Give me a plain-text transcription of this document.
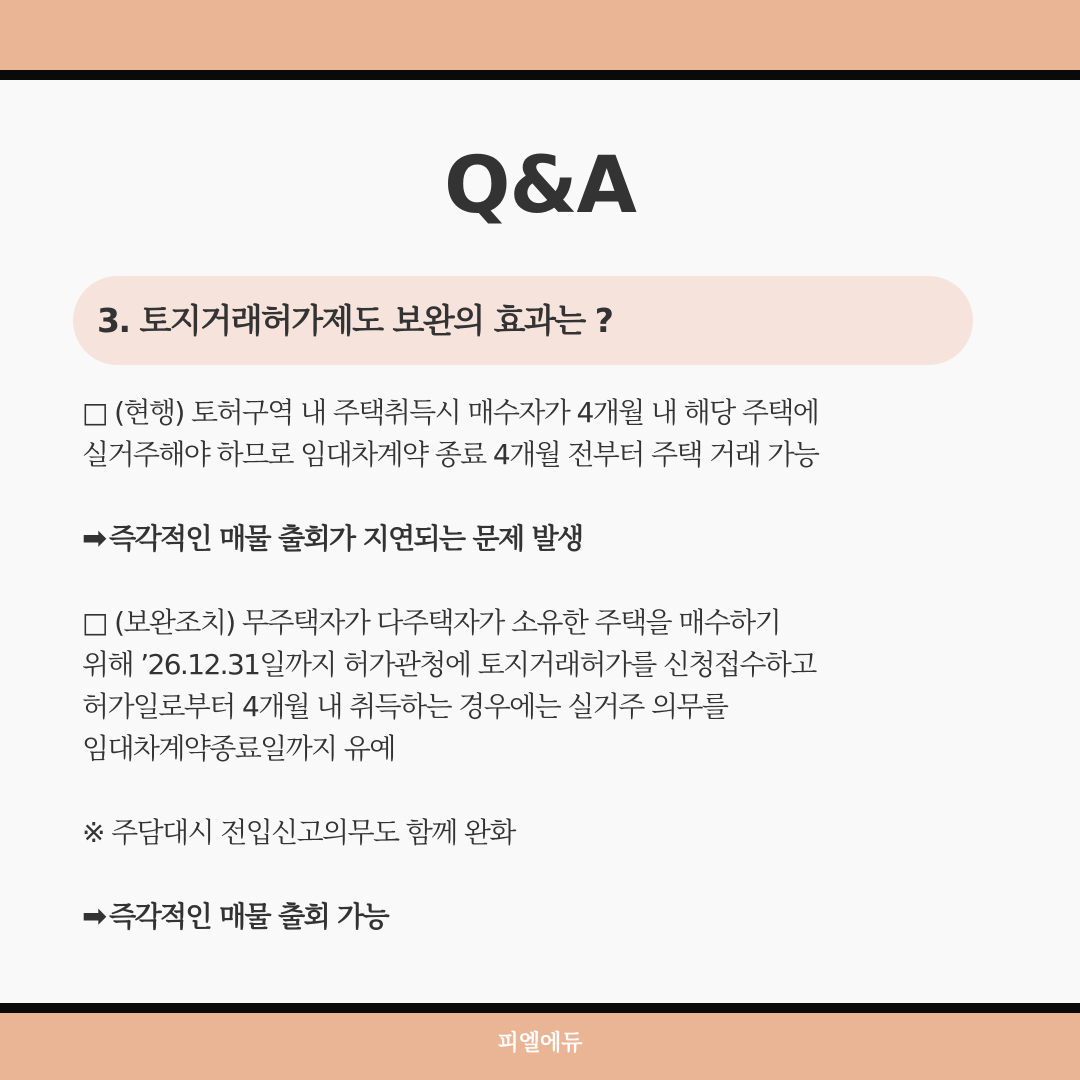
Q&A
3. 토지거래허가제도 보완의 효과는 ?
□ (현행) 토허구역 내 주택취득시 매수자가 4개월 내 해당 주택에
실거주해야 하므로 임대차계약 종료 4개월 전부터 주택 거래 가능
➡즉각적인 매물 출회가 지연되는 문제 발생
□ (보완조치) 무주택자가 다주택자가 소유한 주택을 매수하기
위해 ’26.12.31일까지 허가관청에 토지거래허가를 신청접수하고
허가일로부터 4개월 내 취득하는 경우에는 실거주 의무를
임대차계약종료일까지 유예
※ 주담대시 전입신고의무도 함께 완화
➡즉각적인 매물 출회 가능
피엘에듀
